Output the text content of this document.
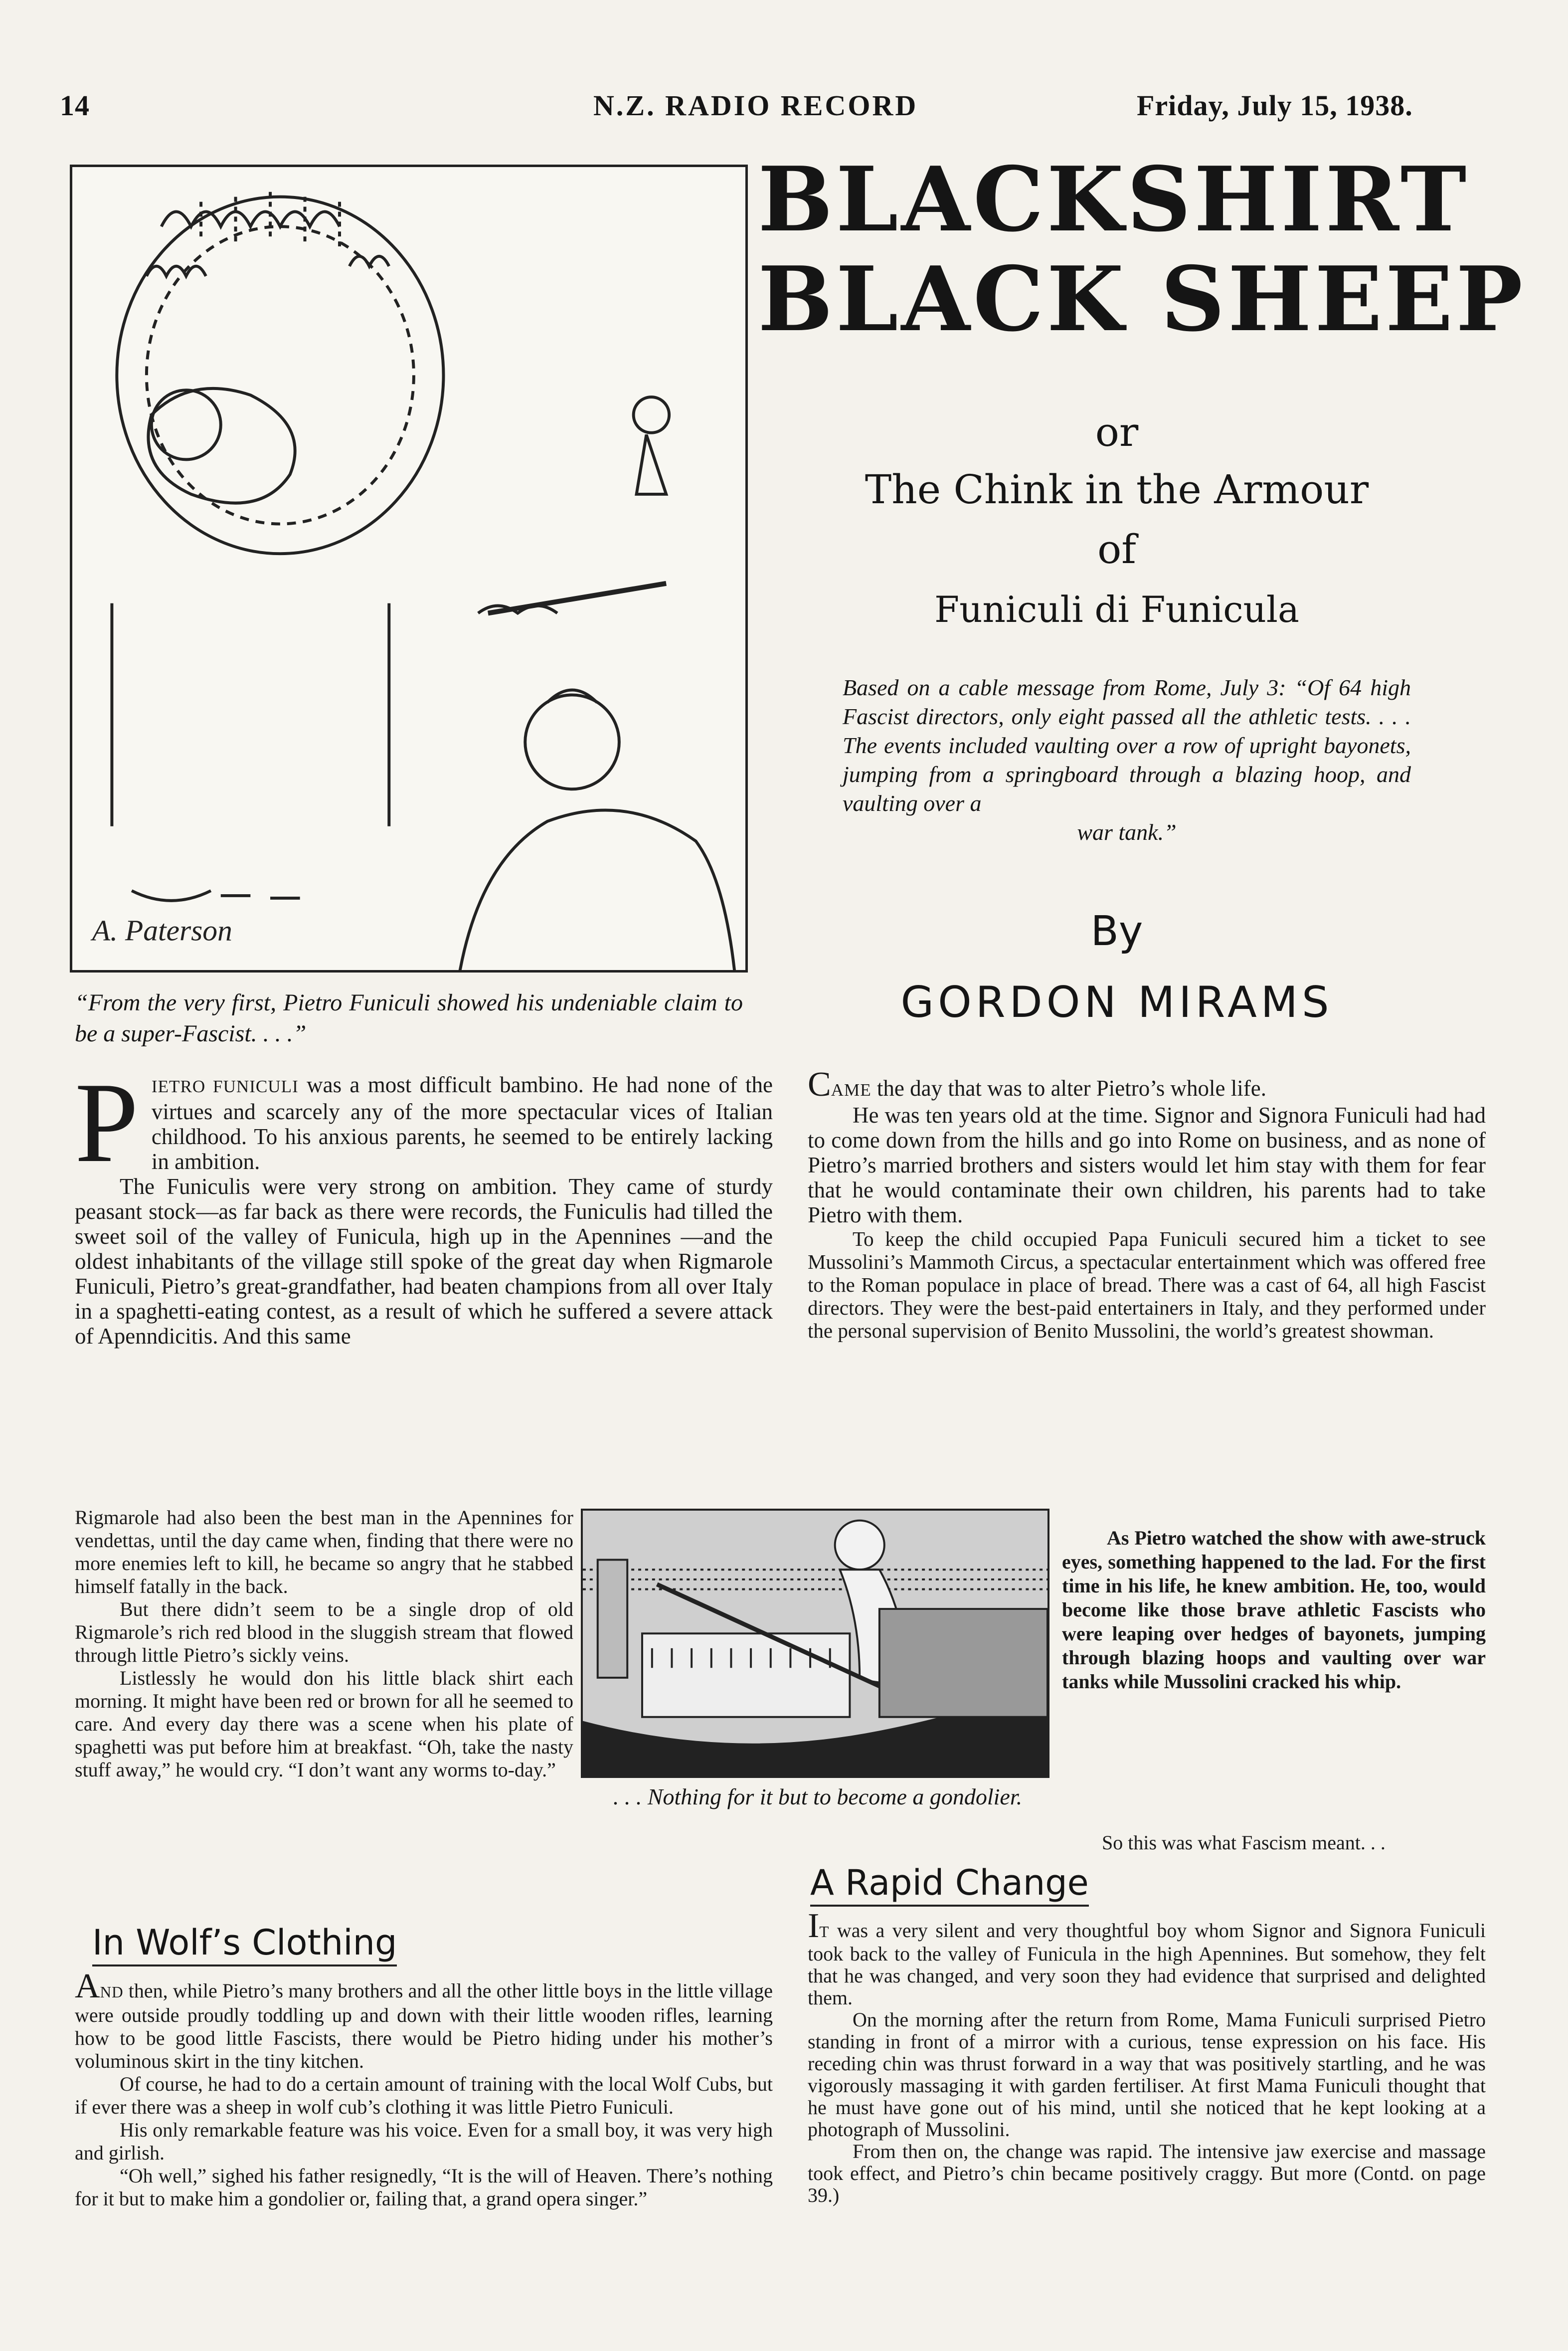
14	N.Z. RADIO RECORD	Friday, July 15, 1938.
A. Paterson
“From the very first, Pietro Funiculi showed his undeniable claim to be a super-Fascist. . . .”
BLACKSHIRT
BLACK SHEEP
or
The Chink in the Armour
of
Funiculi di Funicula
Based on a cable message from Rome, July 3: “Of 64 high Fascist directors, only eight passed all the athletic tests. . . . The events included vaulting over a row of upright bayonets, jumping from a springboard through a blazing hoop, and vaulting over a
war tank.”
By
GORDON MIRAMS

PIETRO FUNICULI was a most difficult bambino. He had none of the virtues and scarcely any of the more spectacular vices of Italian childhood. To his anxious parents, he seemed to be entirely lacking in ambition.

The Funiculis were very strong on ambition. They came of sturdy peasant stock—as far back as there were records, the Funiculis had tilled the sweet soil of the valley of Funicula, high up in the Apennines —and the oldest inhabitants of the village still spoke of the great day when Rigmarole Funiculi, Pietro’s great-grandfather, had beaten champions from all over Italy in a spaghetti-eating contest, as a result of which he suffered a severe attack of Apenndicitis. And this same

Rigmarole had also been the best man in the Apennines for vendettas, until the day came when, finding that there were no more enemies left to kill, he became so angry that he stabbed himself fatally in the back.

But there didn’t seem to be a single drop of old Rigmarole’s rich red blood in the sluggish stream that flowed through little Pietro’s sickly veins.

Listlessly he would don his little black shirt each morning. It might have been red or brown for all he seemed to care. And every day there was a scene when his plate of spaghetti was put before him at breakfast. “Oh, take the nasty stuff away,” he would cry. “I don’t want any worms to-day.”

In Wolf’s Clothing

AND then, while Pietro’s many brothers and all the other little boys in the little village were outside proudly toddling up and down with their little wooden rifles, learning how to be good little Fascists, there would be Pietro hiding under his mother’s voluminous skirt in the tiny kitchen.

Of course, he had to do a certain amount of training with the local Wolf Cubs, but if ever there was a sheep in wolf cub’s clothing it was little Pietro Funiculi.

His only remarkable feature was his voice. Even for a small boy, it was very high and girlish.

“Oh well,” sighed his father resignedly, “It is the will of Heaven. There’s nothing for it but to make him a gondolier or, failing that, a grand opera singer.”

CAME the day that was to alter Pietro’s whole life.

He was ten years old at the time. Signor and Signora Funiculi had had to come down from the hills and go into Rome on business, and as none of Pietro’s married brothers and sisters would let him stay with them for fear that he would contaminate their own children, his parents had to take Pietro with them.

To keep the child occupied Papa Funiculi secured him a ticket to see Mussolini’s Mammoth Circus, a spectacular entertainment which was offered free to the Roman populace in place of bread. There was a cast of 64, all high Fascist directors. They were the best-paid entertainers in Italy, and they performed under the personal supervision of Benito Mussolini, the world’s greatest showman.

. . . Nothing for it but to become a gondolier.

As Pietro watched the show with awe-struck eyes, something happened to the lad. For the first time in his life, he knew ambition. He, too, would become like those brave athletic Fascists who were leaping over hedges of bayonets, jumping through blazing hoops and vaulting over war tanks while Mussolini cracked his whip.

So this was what Fascism meant. . .

A Rapid Change

IT was a very silent and very thoughtful boy whom Signor and Signora Funiculi took back to the valley of Funicula in the high Apennines. But somehow, they felt that he was changed, and very soon they had evidence that surprised and delighted them.

On the morning after the return from Rome, Mama Funiculi surprised Pietro standing in front of a mirror with a curious, tense expression on his face. His receding chin was thrust forward in a way that was positively startling, and he was vigorously massaging it with garden fertiliser. At first Mama Funiculi thought that he must have gone out of his mind, until she noticed that he kept looking at a photograph of Mussolini.

From then on, the change was rapid. The intensive jaw exercise and massage took effect, and Pietro’s chin became positively craggy. But more (Contd. on page 39.)
